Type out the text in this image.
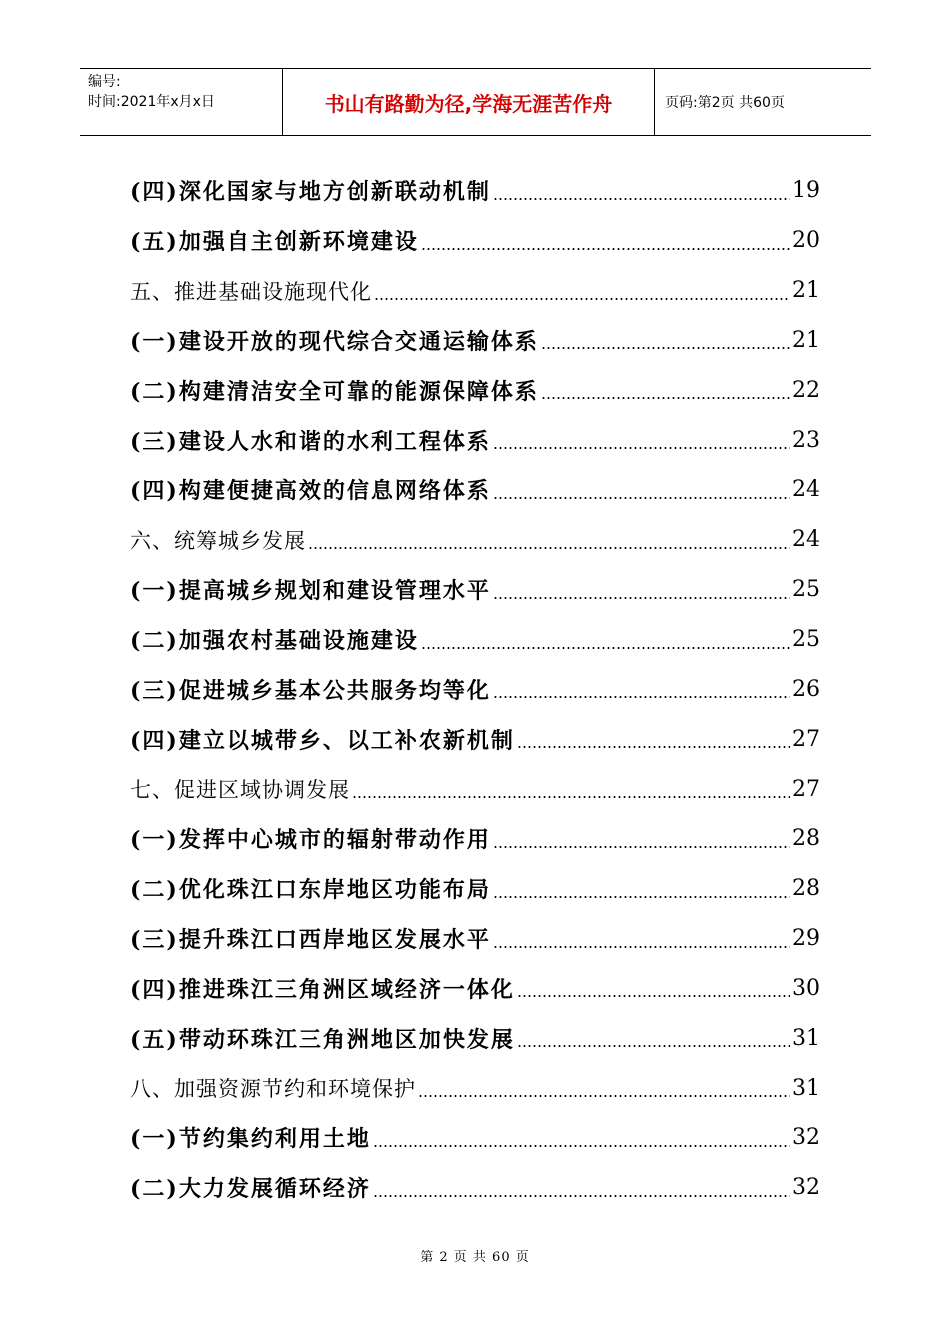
编号:
时间:2021年x月x日	书山有路勤为径,学海无涯苦作舟	页码:第2页 共60页
(四)深化国家与地方创新联动机制	19
(五)加强自主创新环境建设	20
五、推进基础设施现代化	21
(一)建设开放的现代综合交通运输体系	21
(二)构建清洁安全可靠的能源保障体系	22
(三)建设人水和谐的水利工程体系	23
(四)构建便捷高效的信息网络体系	24
六、统筹城乡发展	24
(一)提高城乡规划和建设管理水平	25
(二)加强农村基础设施建设	25
(三)促进城乡基本公共服务均等化	26
(四)建立以城带乡、以工补农新机制	27
七、促进区域协调发展	27
(一)发挥中心城市的辐射带动作用	28
(二)优化珠江口东岸地区功能布局	28
(三)提升珠江口西岸地区发展水平	29
(四)推进珠江三角洲区域经济一体化	30
(五)带动环珠江三角洲地区加快发展	31
八、加强资源节约和环境保护	31
(一)节约集约利用土地	32
(二)大力发展循环经济	32
第 2 页 共 60 页
